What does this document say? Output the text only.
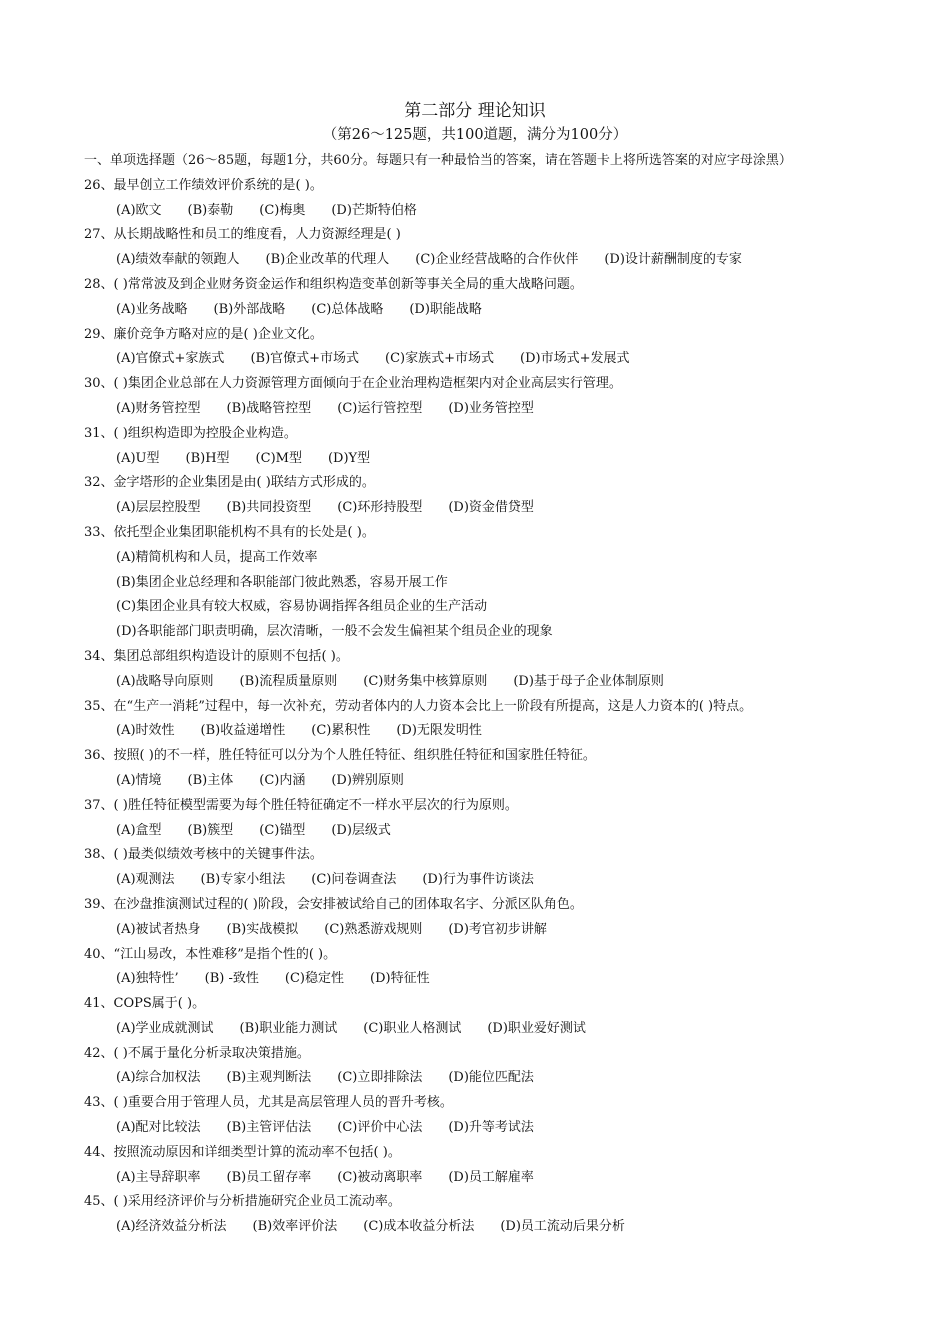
第二部分 理论知识
（第26～125题，共100道题，满分为100分）
一、单项选择题（26～85题，每题1分，共60分。每题只有一种最恰当的答案，请在答题卡上将所选答案的对应字母涂黑）
26、最早创立工作绩效评价系统的是( )。
(A)欧文 (B)泰勒 (C)梅奥 (D)芒斯特伯格
27、从长期战略性和员工的维度看，人力资源经理是( )
(A)绩效奉献的领跑人 (B)企业改革的代理人 (C)企业经营战略的合作伙伴 (D)设计薪酬制度的专家
28、( )常常波及到企业财务资金运作和组织构造变革创新等事关全局的重大战略问题。
(A)业务战略 (B)外部战略 (C)总体战略 (D)职能战略
29、廉价竞争方略对应的是( )企业文化。
(A)官僚式+家族式 (B)官僚式+市场式 (C)家族式+市场式 (D)市场式+发展式
30、( )集团企业总部在人力资源管理方面倾向于在企业治理构造框架内对企业高层实行管理。
(A)财务管控型 (B)战略管控型 (C)运行管控型 (D)业务管控型
31、( )组织构造即为控股企业构造。
(A)U型 (B)H型 (C)M型 (D)Y型
32、金字塔形的企业集团是由( )联结方式形成的。
(A)层层控股型 (B)共同投资型 (C)环形持股型 (D)资金借贷型
33、依托型企业集团职能机构不具有的长处是( )。
(A)精简机构和人员，提高工作效率
(B)集团企业总经理和各职能部门彼此熟悉，容易开展工作
(C)集团企业具有较大权威，容易协调指挥各组员企业的生产活动
(D)各职能部门职责明确，层次清晰，一般不会发生偏袒某个组员企业的现象
34、集团总部组织构造设计的原则不包括( )。
(A)战略导向原则 (B)流程质量原则 (C)财务集中核算原则 (D)基于母子企业体制原则
35、在“生产一消耗”过程中，每一次补充，劳动者体内的人力资本会比上一阶段有所提高，这是人力资本的( )特点。
(A)时效性 (B)收益递增性 (C)累积性 (D)无限发明性
36、按照( )的不一样，胜任特征可以分为个人胜任特征、组织胜任特征和国家胜任特征。
(A)情境 (B)主体 (C)内涵 (D)辨别原则
37、( )胜任特征模型需要为每个胜任特征确定不一样水平层次的行为原则。
(A)盒型 (B)簇型 (C)锚型 (D)层级式
38、( )最类似绩效考核中的关键事件法。
(A)观测法 (B)专家小组法 (C)问卷调查法 (D)行为事件访谈法
39、在沙盘推演测试过程的( )阶段，会安排被试给自己的团体取名字、分派区队角色。
(A)被试者热身 (B)实战模拟 (C)熟悉游戏规则 (D)考官初步讲解
40、“江山易改，本性难移”是指个性的( )。
(A)独特性’ (B) -致性 (C)稳定性 (D)特征性
41、COPS属于( )。
(A)学业成就测试 (B)职业能力测试 (C)职业人格测试 (D)职业爱好测试
42、( )不属于量化分析录取决策措施。
(A)综合加权法 (B)主观判断法 (C)立即排除法 (D)能位匹配法
43、( )重要合用于管理人员，尤其是高层管理人员的晋升考核。
(A)配对比较法 (B)主管评估法 (C)评价中心法 (D)升等考试法
44、按照流动原因和详细类型计算的流动率不包括( )。
(A)主导辞职率 (B)员工留存率 (C)被动离职率 (D)员工解雇率
45、( )采用经济评价与分析措施研究企业员工流动率。
(A)经济效益分析法 (B)效率评价法 (C)成本收益分析法 (D)员工流动后果分析
